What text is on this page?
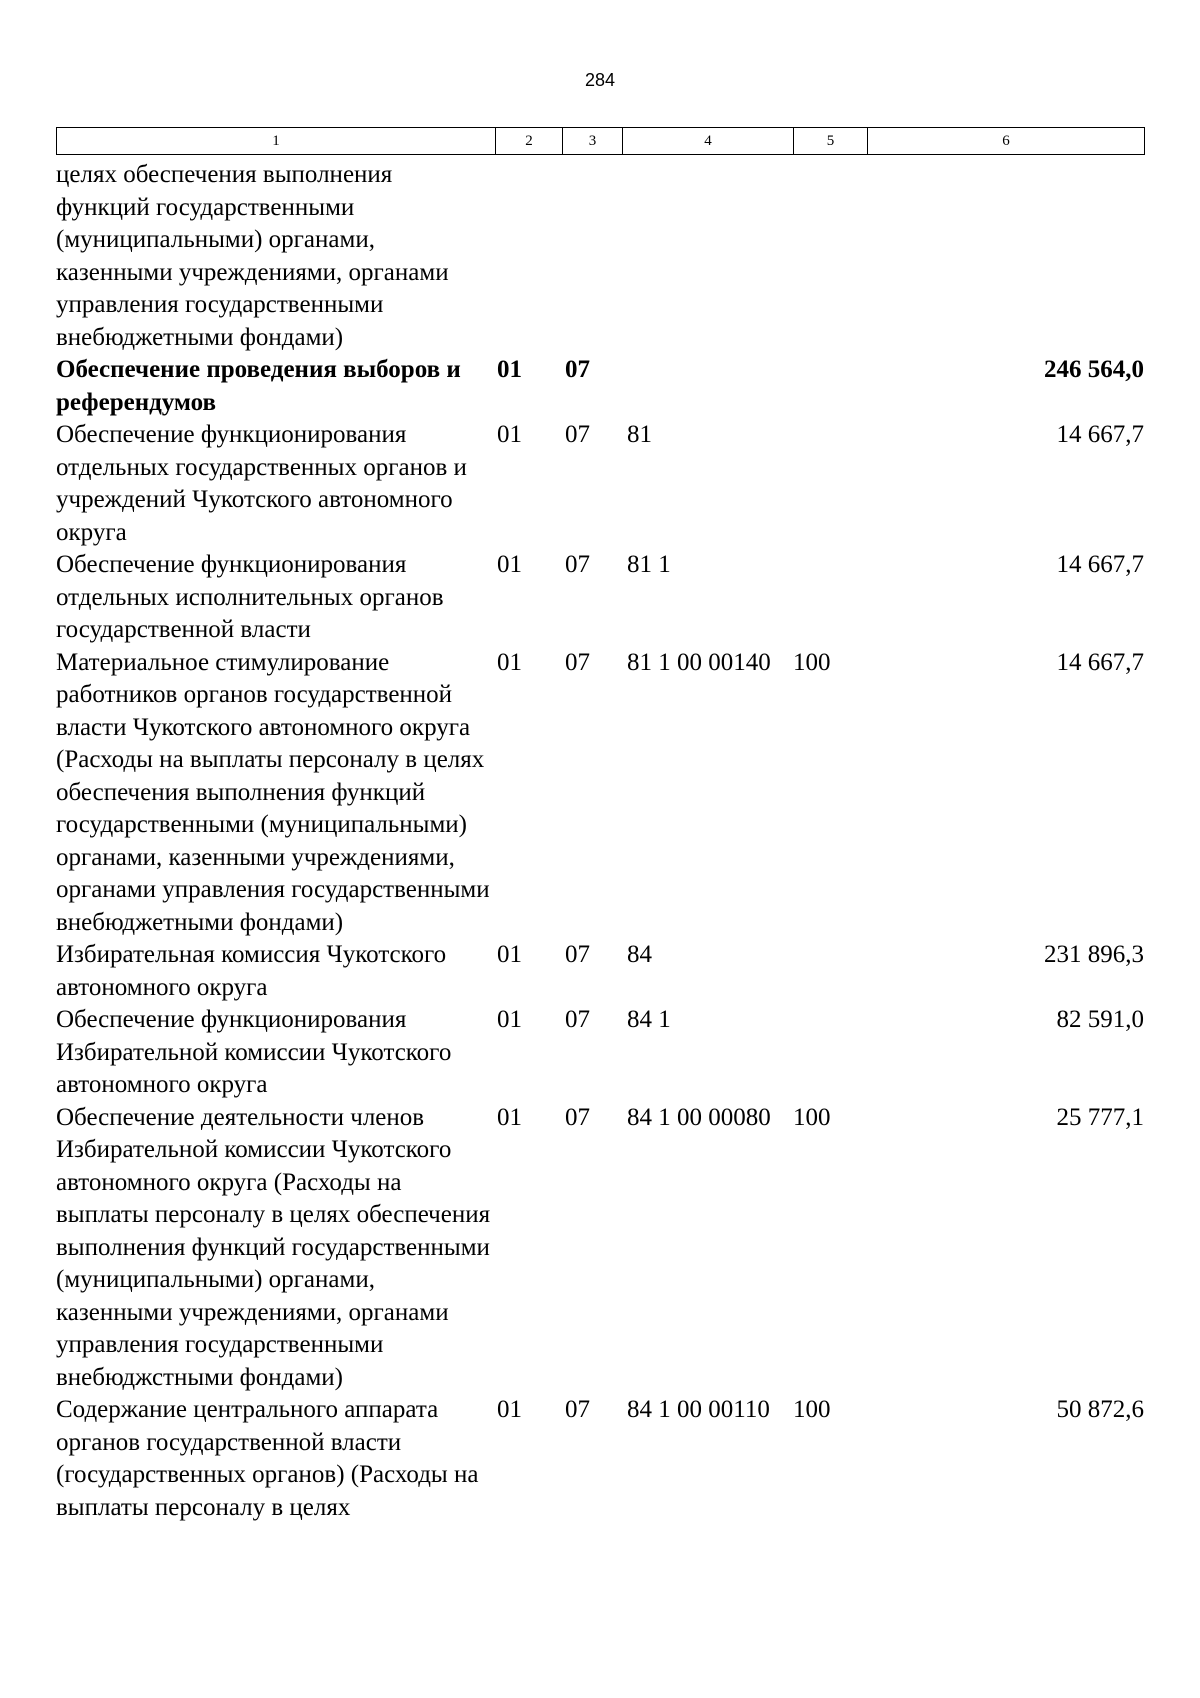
284
1	2	3	4	5	6
целях обеспечения выполнения функций государственными (муниципальными) органами, казенными учреждениями, органами управления государственными внебюджетными фондами)					
Обеспечение проведения выборов и референдумов	01	07			246 564,0
Обеспечение функционирования отдельных государственных органов и учреждений Чукотского автономного округа	01	07	81		14 667,7
Обеспечение функционирования отдельных исполнительных органов государственной власти	01	07	81 1		14 667,7
Материальное стимулирование работников органов государственной власти Чукотского автономного округа (Расходы на выплаты персоналу в целях обеспечения выполнения функций государственными (муниципальными) органами, казенными учреждениями, органами управления государственными внебюджетными фондами)	01	07	81 1 00 00140	100	14 667,7
Избирательная комиссия Чукотского автономного округа	01	07	84		231 896,3
Обеспечение функционирования Избирательной комиссии Чукотского автономного округа	01	07	84 1		82 591,0
Обеспечение деятельности членов Избирательной комиссии Чукотского автономного округа (Расходы на выплаты персоналу в целях обеспечения выполнения функций государственными (муниципальными) органами, казенными учреждениями, органами управления государственными внебюджстными фондами)	01	07	84 1 00 00080	100	25 777,1
Содержание центрального аппарата органов государственной власти (государственных органов) (Расходы на выплаты персоналу в целях	01	07	84 1 00 00110	100	50 872,6
